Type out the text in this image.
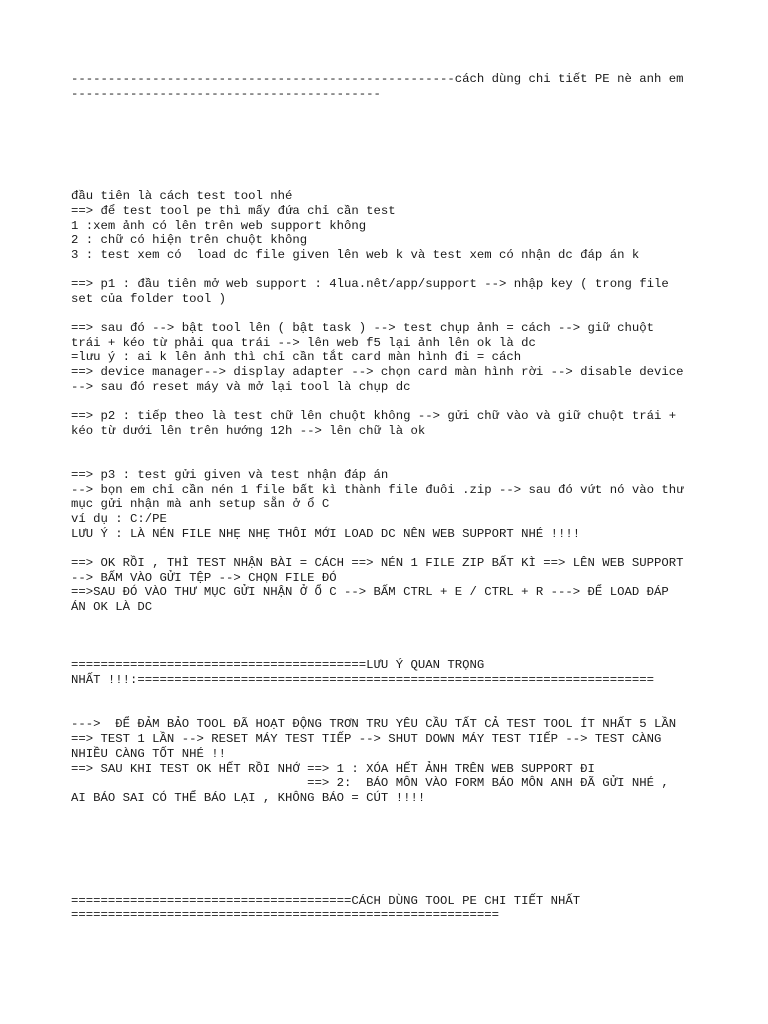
----------------------------------------------------cách dùng chi tiết PE nè anh em
------------------------------------------
đầu tiên là cách test tool nhé
==> để test tool pe thì mấy đứa chỉ cần test
1 :xem ảnh có lên trên web support không
2 : chữ có hiện trên chuột không
3 : test xem có  load dc file given lên web k và test xem có nhận dc đáp án k
==> p1 : đầu tiên mở web support : 4lua.nêt/app/support --> nhập key ( trong file
set của folder tool )
==> sau đó --> bật tool lên ( bật task ) --> test chụp ảnh = cách --> giữ chuột
trái + kéo từ phải qua trái --> lên web f5 lại ảnh lên ok là dc
=lưu ý : ai k lên ảnh thì chỉ cần tắt card màn hình đi = cách
==> device manager--> display adapter --> chọn card màn hình rời --> disable device
--> sau đó reset máy và mở lại tool là chụp dc
==> p2 : tiếp theo là test chữ lên chuột không --> gửi chữ vào và giữ chuột trái +
kéo từ dưới lên trên hướng 12h --> lên chữ là ok
==> p3 : test gửi given và test nhận đáp án
--> bọn em chỉ cần nén 1 file bất kì thành file đuôi .zip --> sau đó vứt nó vào thư
mục gửi nhận mà anh setup sẵn ở ổ C
ví dụ : C:/PE
LƯU Ý : LÀ NÉN FILE NHẸ NHẸ THÔI MỚI LOAD DC NÊN WEB SUPPORT NHÉ !!!!
==> OK RỒI , THÌ TEST NHẬN BÀI = CÁCH ==> NÉN 1 FILE ZIP BẤT KÌ ==> LÊN WEB SUPPORT
--> BẤM VÀO GỬI TỆP --> CHỌN FILE ĐÓ
==>SAU ĐÓ VÀO THƯ MỤC GỬI NHẬN Ở Ổ C --> BẤM CTRL + E / CTRL + R ---> ĐỂ LOAD ĐÁP
ÁN OK LÀ DC
========================================LƯU Ý QUAN TRỌNG
NHẤT !!!:======================================================================
--->  ĐỂ ĐẢM BẢO TOOL ĐÃ HOẠT ĐỘNG TRƠN TRU YÊU CẦU TẤT CẢ TEST TOOL ÍT NHẤT 5 LẦN
==> TEST 1 LẦN --> RESET MÁY TEST TIẾP --> SHUT DOWN MÁY TEST TIẾP --> TEST CÀNG
NHIỀU CÀNG TỐT NHÉ !!
==> SAU KHI TEST OK HẾT RỒI NHỚ ==> 1 : XÓA HẾT ẢNH TRÊN WEB SUPPORT ĐI
==> 2:  BÁO MÔN VÀO FORM BÁO MÔN ANH ĐÃ GỬI NHÉ ,
AI BÁO SAI CÓ THỂ BÁO LẠI , KHÔNG BÁO = CÚT !!!!
======================================CÁCH DÙNG TOOL PE CHI TIẾT NHẤT
==========================================================
